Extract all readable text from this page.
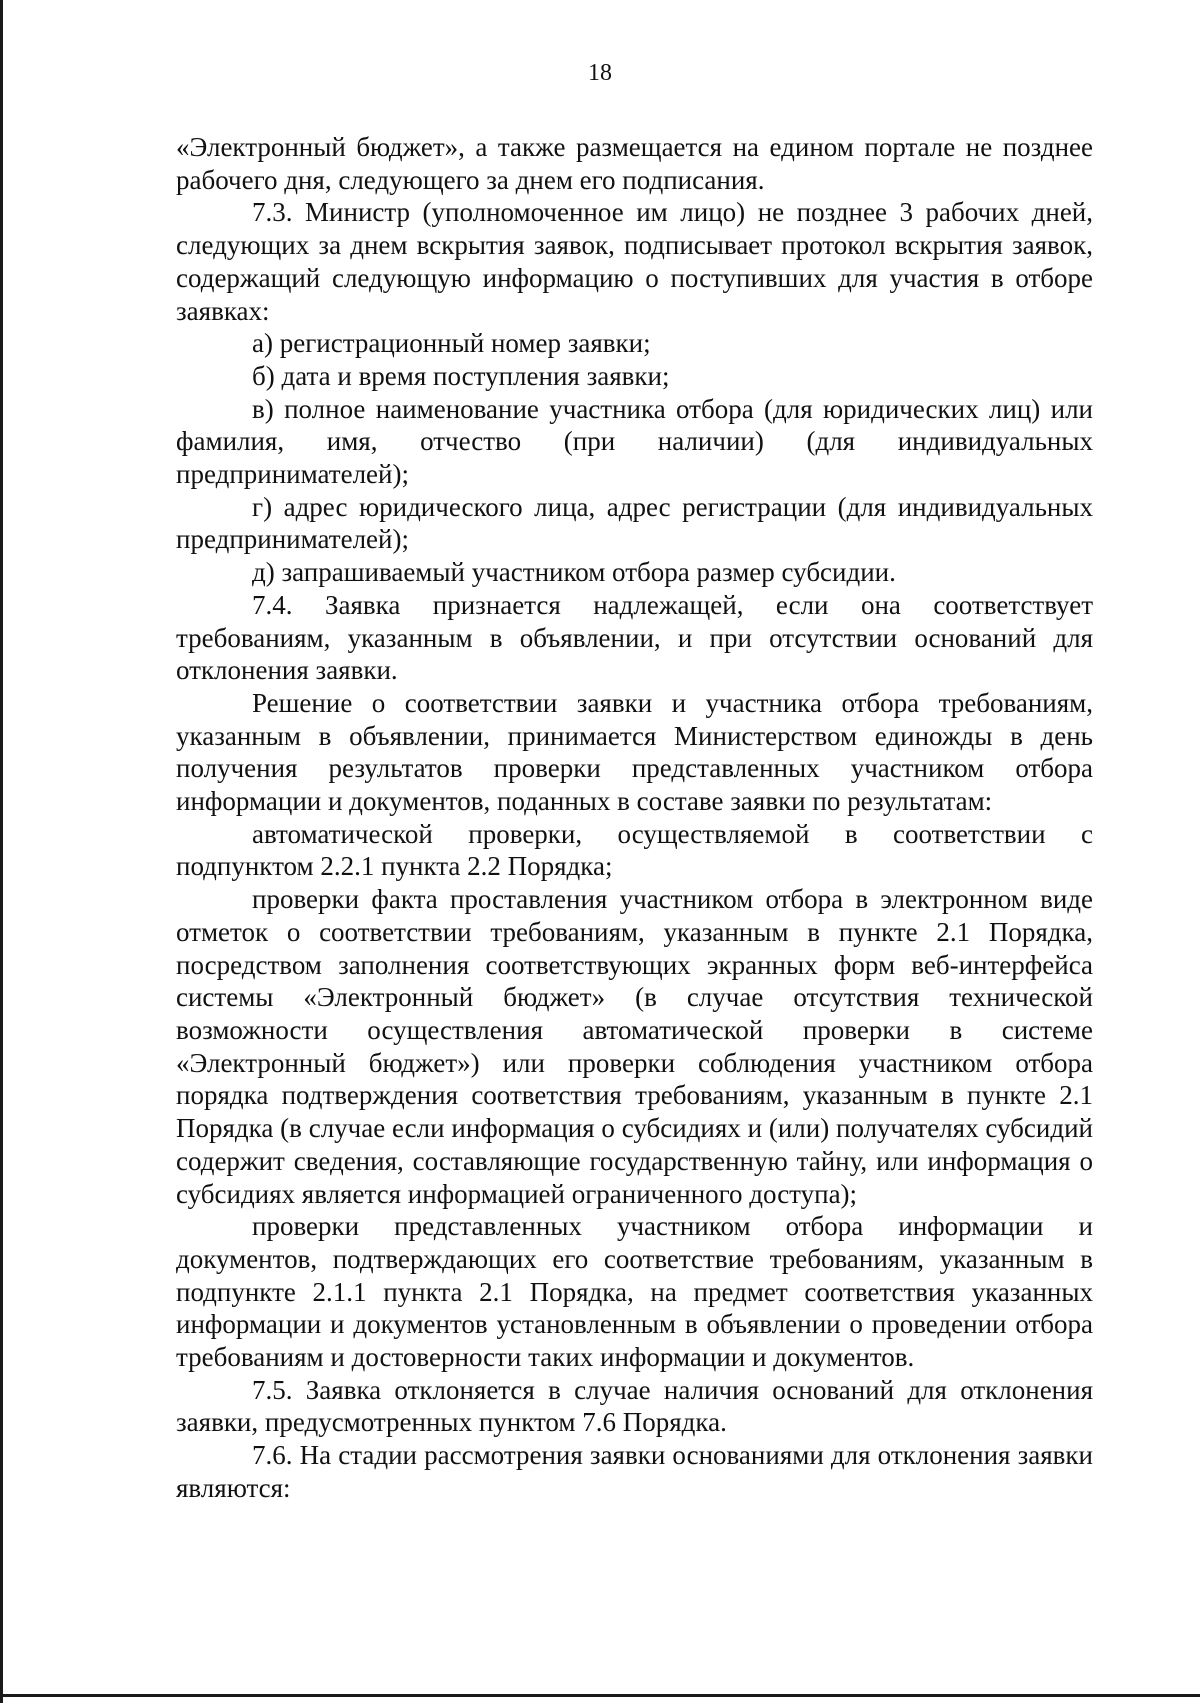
18

«Электронный бюджет», а также размещается на едином портале не позднее рабочего дня, следующего за днем его подписания.

7.3. Министр (уполномоченное им лицо) не позднее 3 рабочих дней, следующих за днем вскрытия заявок, подписывает протокол вскрытия заявок, содержащий следующую информацию о поступивших для участия в отборе заявках:

а) регистрационный номер заявки;

б) дата и время поступления заявки;

в) полное наименование участника отбора (для юридических лиц) или фамилия, имя, отчество (при наличии) (для индивидуальных предпринимателей);

г) адрес юридического лица, адрес регистрации (для индивидуальных предпринимателей);

д) запрашиваемый участником отбора размер субсидии.

7.4. Заявка признается надлежащей, если она соответствует требованиям, указанным в объявлении, и при отсутствии оснований для отклонения заявки.

Решение о соответствии заявки и участника отбора требованиям, указанным в объявлении, принимается Министерством единожды в день получения результатов проверки представленных участником отбора информации и документов, поданных в составе заявки по результатам:

автоматической проверки, осуществляемой в соответствии с подпунктом 2.2.1 пункта 2.2 Порядка;

проверки факта проставления участником отбора в электронном виде отметок о соответствии требованиям, указанным в пункте 2.1 Порядка, посредством заполнения соответствующих экранных форм веб-интерфейса системы «Электронный бюджет» (в случае отсутствия технической возможности осуществления автоматической проверки в системе «Электронный бюджет») или проверки соблюдения участником отбора порядка подтверждения соответствия требованиям, указанным в пункте 2.1 Порядка (в случае если информация о субсидиях и (или) получателях субсидий содержит сведения, составляющие государственную тайну, или информация о субсидиях является информацией ограниченного доступа);

проверки представленных участником отбора информации и документов, подтверждающих его соответствие требованиям, указанным в подпункте 2.1.1 пункта 2.1 Порядка, на предмет соответствия указанных информации и документов установленным в объявлении о проведении отбора требованиям и достоверности таких информации и документов.

7.5. Заявка отклоняется в случае наличия оснований для отклонения заявки, предусмотренных пунктом 7.6 Порядка.

7.6. На стадии рассмотрения заявки основаниями для отклонения заявки являются:
